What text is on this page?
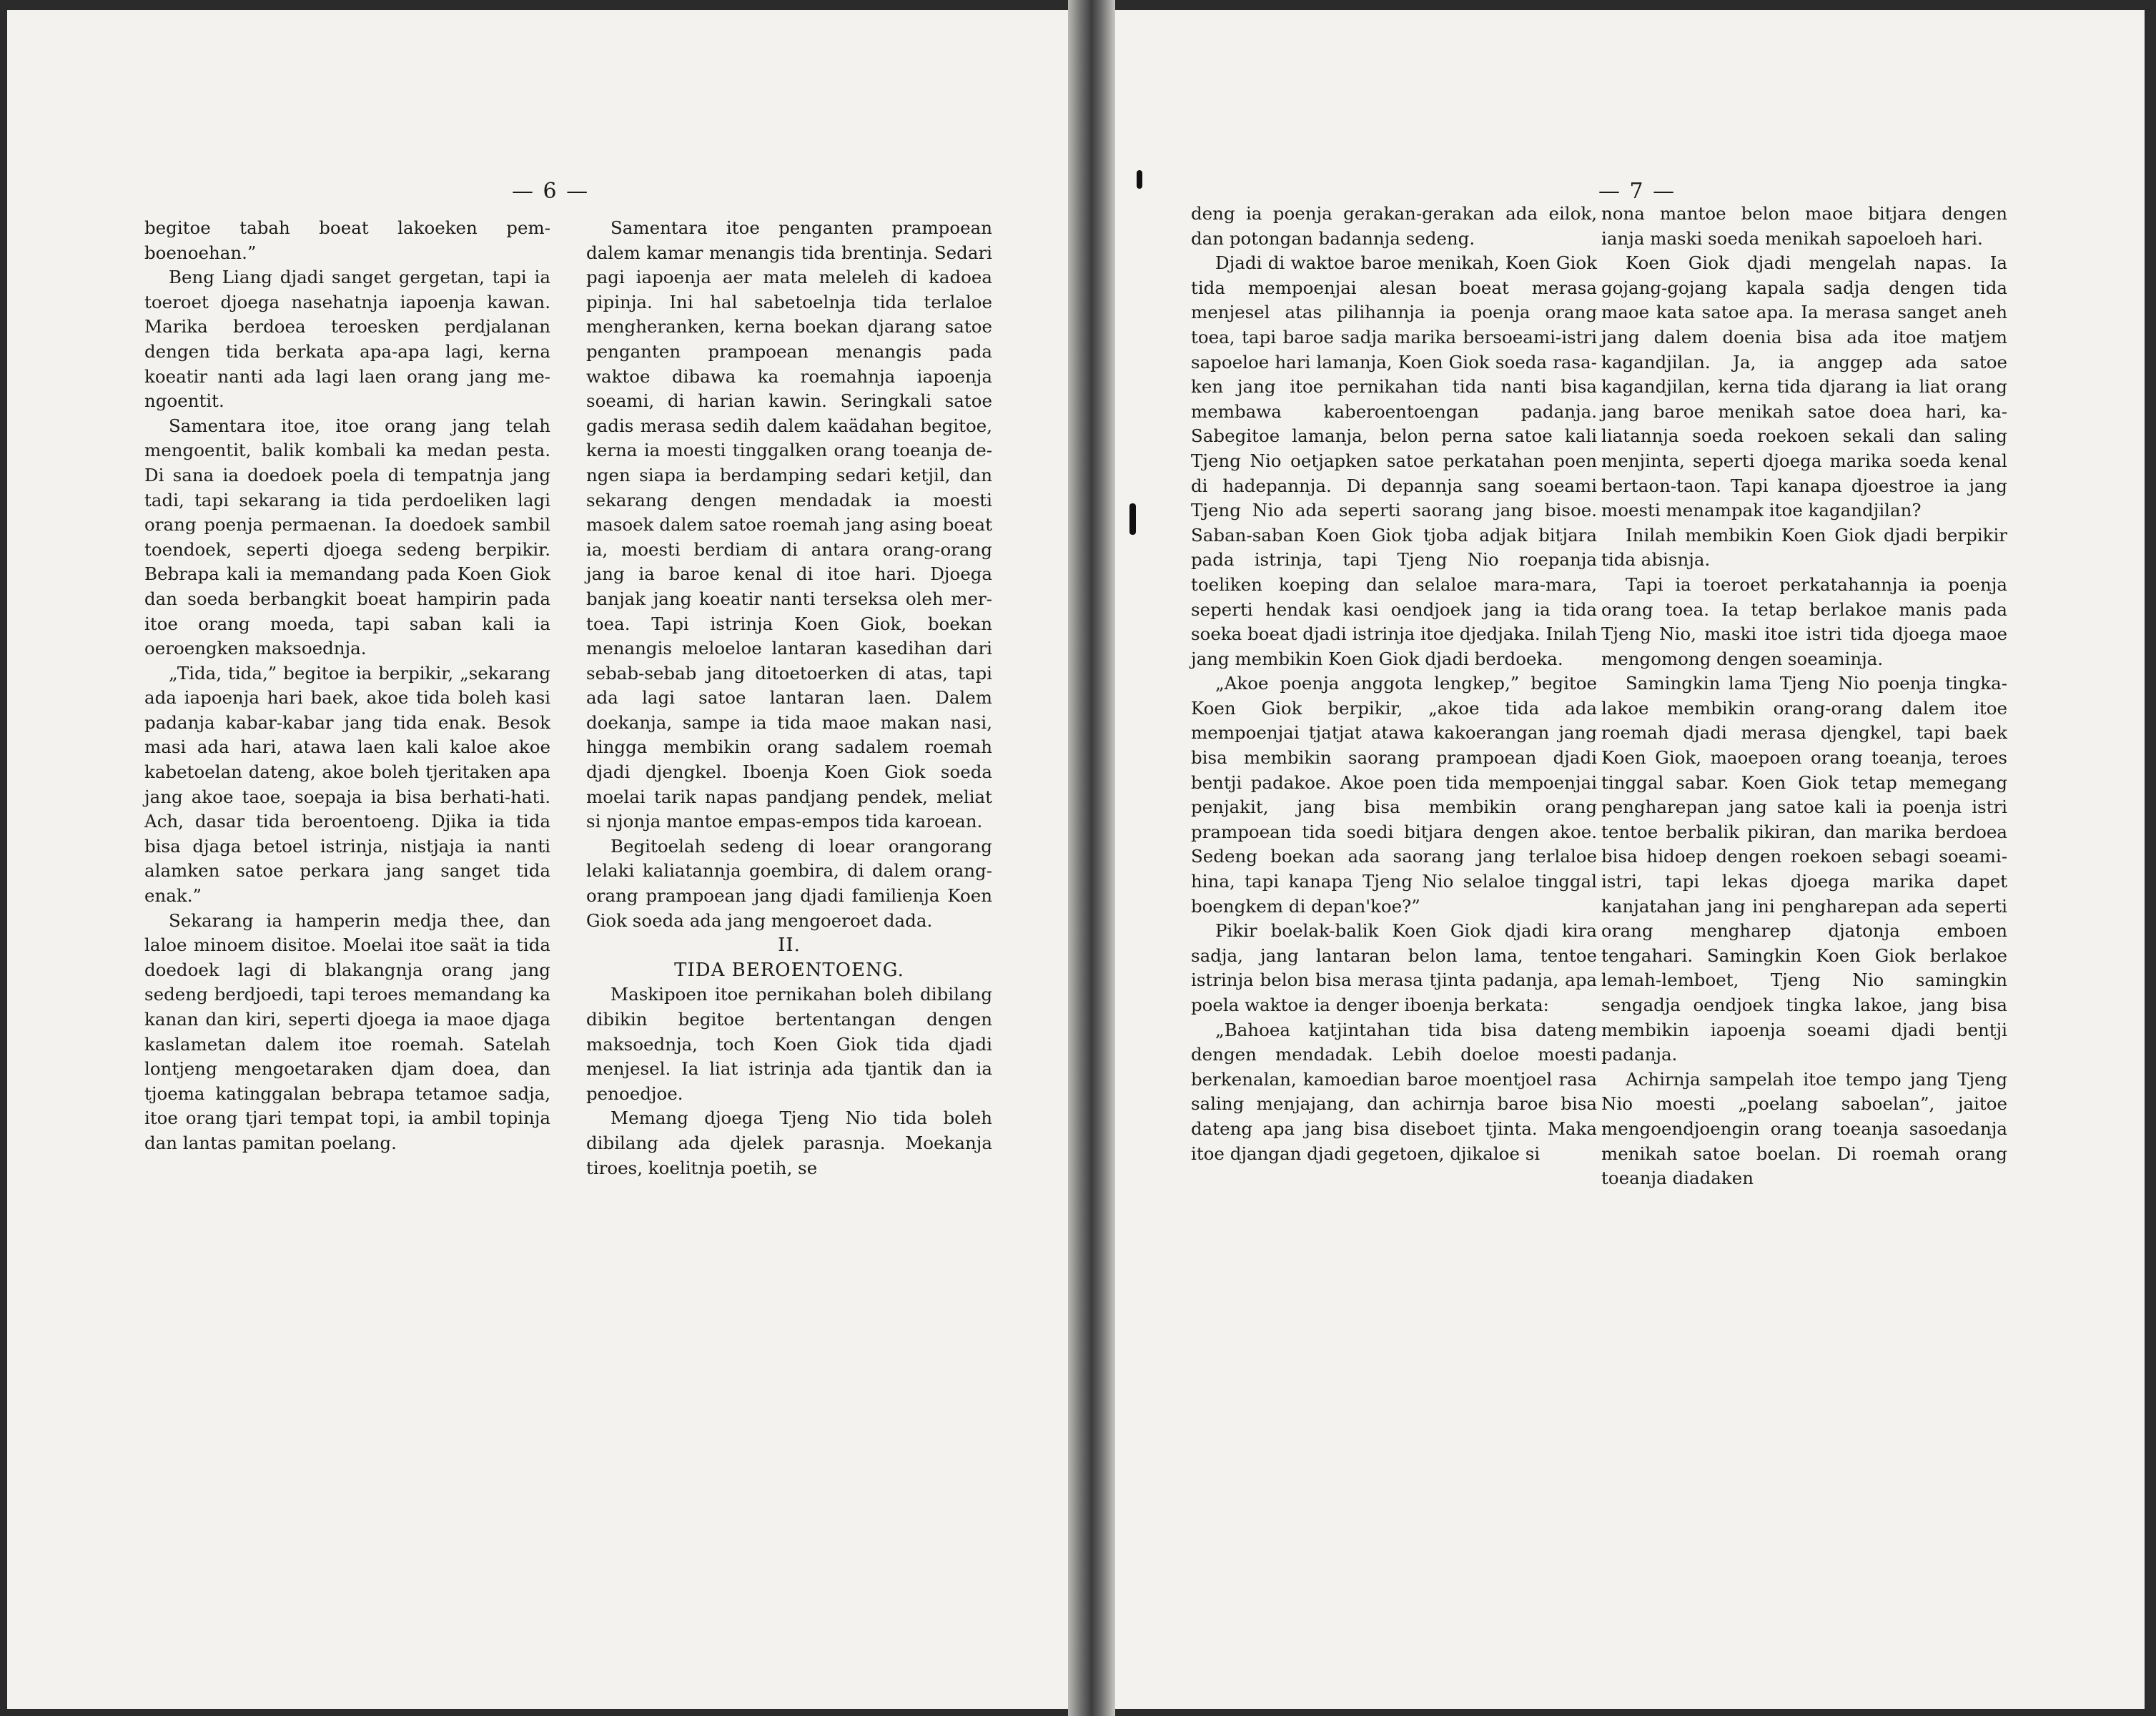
— 6 —

begitoe tabah boeat lakoeken pemboenoehan.”

Beng Liang djadi sanget gergetan, tapi ia toeroet djoega nasehatnja iapoenja kawan. Marika berdoea teroesken perdjalanan dengen tida berkata apa-apa lagi, kerna koeatir nanti ada lagi laen orang jang mengoentit.

Samentara itoe, itoe orang jang telah mengoentit, balik kombali ka medan pesta. Di sana ia doedoek poela di tempatnja jang tadi, tapi sekarang ia tida perdoeliken lagi orang poenja permaenan. Ia doedoek sambil toendoek, seperti djoega sedeng berpikir. Bebrapa kali ia memandang pada Koen Giok dan soeda berbangkit boeat hampirin pada itoe orang moeda, tapi saban kali ia oeroengken maksoednja.

„Tida, tida,” begitoe ia berpikir, „sekarang ada iapoenja hari baek, akoe tida boleh kasi padanja kabar-kabar jang tida enak. Besok masi ada hari, atawa laen kali kaloe akoe kabetoelan dateng, akoe boleh tjeritaken apa jang akoe taoe, soepaja ia bisa berhati-hati. Ach, dasar tida beroentoeng. Djika ia tida bisa djaga betoel istrinja, nistjaja ia nanti alamken satoe perkara jang sanget tida enak.”

Sekarang ia hamperin medja thee, dan laloe minoem disitoe. Moelai itoe saät ia tida doedoek lagi di blakangnja orang jang sedeng berdjoedi, tapi teroes memandang ka kanan dan kiri, seperti djoega ia maoe djaga kaslametan dalem itoe roemah. Satelah lontjeng mengoetaraken djam doea, dan tjoema katinggalan bebrapa tetamoe sadja, itoe orang tjari tempat topi, ia ambil topinja dan lantas pamitan poelang.

Samentara itoe penganten prampoean dalem kamar menangis tida brentinja. Sedari pagi iapoenja aer mata meleleh di kadoea pipinja. Ini hal sabetoelnja tida terlaloe mengheranken, kerna boekan djarang satoe penganten prampoean menangis pada waktoe dibawa ka roemahnja iapoenja soeami, di harian kawin. Seringkali satoe gadis merasa sedih dalem kaädahan begitoe, kerna ia moesti tinggalken orang toeanja dengen siapa ia berdamping sedari ketjil, dan sekarang dengen mendadak ia moesti masoek dalem satoe roemah jang asing boeat ia, moesti berdiam di antara orang-orang jang ia baroe kenal di itoe hari. Djoega banjak jang koeatir nanti terseksa oleh mertoea. Tapi istrinja Koen Giok, boekan menangis meloeloe lantaran kasedihan dari sebab-sebab jang ditoetoerken di atas, tapi ada lagi satoe lantaran laen. Dalem doekanja, sampe ia tida maoe makan nasi, hingga membikin orang sadalem roemah djadi djengkel. Iboenja Koen Giok soeda moelai tarik napas pandjang pendek, meliat si njonja mantoe empas-empos tida karoean.

Begitoelah sedeng di loear orangorang lelaki kaliatannja goembira, di dalem orang-orang prampoean jang djadi familienja Koen Giok soeda ada jang mengoeroet dada.

II.

TIDA BEROENTOENG.

Maskipoen itoe pernikahan boleh dibilang dibikin begitoe bertentangan dengen maksoednja, toch Koen Giok tida djadi menjesel. Ia liat istrinja ada tjantik dan ia penoedjoe.

Memang djoega Tjeng Nio tida boleh dibilang ada djelek parasnja. Moekanja tiroes, koelitnja poetih, se

— 7 —

deng ia poenja gerakan-gerakan ada eilok, dan potongan badannja sedeng.

Djadi di waktoe baroe menikah, Koen Giok tida mempoenjai alesan boeat merasa menjesel atas pilihannja ia poenja orang toea, tapi baroe sadja marika bersoeami-istri sapoeloe hari lamanja, Koen Giok soeda rasaken jang itoe pernikahan tida nanti bisa membawa kaberoentoengan padanja. Sabegitoe lamanja, belon perna satoe kali Tjeng Nio oetjapken satoe perkatahan poen di hadepannja. Di depannja sang soeami Tjeng Nio ada seperti saorang jang bisoe. Saban-saban Koen Giok tjoba adjak bitjara pada istrinja, tapi Tjeng Nio roepanja toeliken koeping dan selaloe mara-mara, seperti hendak kasi oendjoek jang ia tida soeka boeat djadi istrinja itoe djedjaka. Inilah jang membikin Koen Giok djadi berdoeka.

„Akoe poenja anggota lengkep,” begitoe Koen Giok berpikir, „akoe tida ada mempoenjai tjatjat atawa kakoerangan jang bisa membikin saorang prampoean djadi bentji padakoe. Akoe poen tida mempoenjai penjakit, jang bisa membikin orang prampoean tida soedi bitjara dengen akoe. Sedeng boekan ada saorang jang terlaloe hina, tapi kanapa Tjeng Nio selaloe tinggal boengkem di depan'koe?”

Pikir boelak-balik Koen Giok djadi kira sadja, jang lantaran belon lama, tentoe istrinja belon bisa merasa tjinta padanja, apa poela waktoe ia denger iboenja berkata:

„Bahoea katjintahan tida bisa dateng dengen mendadak. Lebih doeloe moesti berkenalan, kamoedian baroe moentjoel rasa saling menjajang, dan achirnja baroe bisa dateng apa jang bisa diseboet tjinta. Maka itoe djangan djadi gegetoen, djikaloe si

nona mantoe belon maoe bitjara dengen ianja maski soeda menikah sapoeloeh hari.

Koen Giok djadi mengelah napas. Ia gojang-gojang kapala sadja dengen tida maoe kata satoe apa. Ia merasa sanget aneh jang dalem doenia bisa ada itoe matjem kagandjilan. Ja, ia anggep ada satoe kagandjilan, kerna tida djarang ia liat orang jang baroe menikah satoe doea hari, kaliatannja soeda roekoen sekali dan saling menjinta, seperti djoega marika soeda kenal bertaon-taon. Tapi kanapa djoestroe ia jang moesti menampak itoe kagandjilan?

Inilah membikin Koen Giok djadi berpikir tida abisnja.

Tapi ia toeroet perkatahannja ia poenja orang toea. Ia tetap berlakoe manis pada Tjeng Nio, maski itoe istri tida djoega maoe mengomong dengen soeaminja.

Samingkin lama Tjeng Nio poenja tingka-lakoe membikin orang-orang dalem itoe roemah djadi merasa djengkel, tapi baek Koen Giok, maoepoen orang toeanja, teroes tinggal sabar. Koen Giok tetap memegang pengharepan jang satoe kali ia poenja istri tentoe berbalik pikiran, dan marika berdoea bisa hidoep dengen roekoen sebagi soeami-istri, tapi lekas djoega marika dapet kanjatahan jang ini pengharepan ada seperti orang mengharep djatonja emboen tengahari. Samingkin Koen Giok berlakoe lemah-lemboet, Tjeng Nio samingkin sengadja oendjoek tingka lakoe, jang bisa membikin iapoenja soeami djadi bentji padanja.

Achirnja sampelah itoe tempo jang Tjeng Nio moesti „poelang saboelan”, jaitoe mengoendjoengin orang toeanja sasoedanja menikah satoe boelan. Di roemah orang toeanja diadaken
